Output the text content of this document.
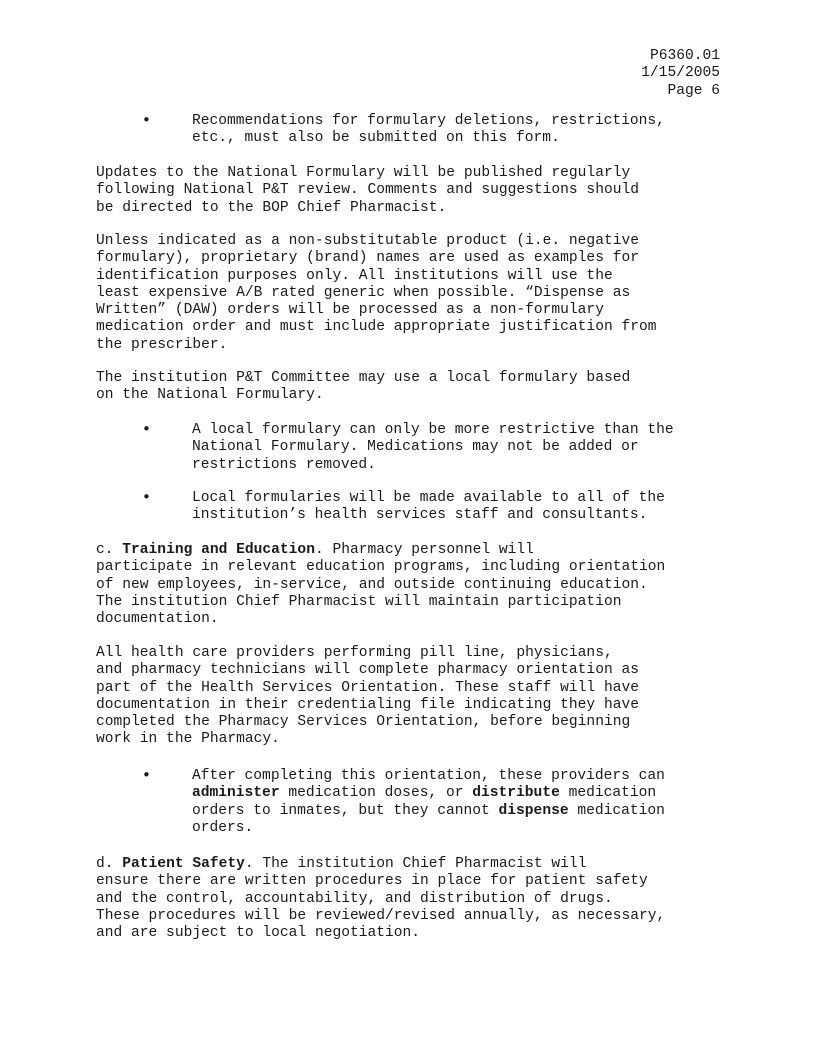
P6360.01
1/15/2005
Page 6
•	Recommendations for formulary deletions, restrictions,
etc., must also be submitted on this form.
Updates to the National Formulary will be published regularly
following National P&T review. Comments and suggestions should
be directed to the BOP Chief Pharmacist.
Unless indicated as a non-substitutable product (i.e. negative
formulary), proprietary (brand) names are used as examples for
identification purposes only. All institutions will use the
least expensive A/B rated generic when possible. “Dispense as
Written” (DAW) orders will be processed as a non-formulary
medication order and must include appropriate justification from
the prescriber.
The institution P&T Committee may use a local formulary based
on the National Formulary.
•	A local formulary can only be more restrictive than the
National Formulary. Medications may not be added or
restrictions removed.
•	Local formularies will be made available to all of the
institution’s health services staff and consultants.
c. Training and Education. Pharmacy personnel will
participate in relevant education programs, including orientation
of new employees, in-service, and outside continuing education.
The institution Chief Pharmacist will maintain participation
documentation.
All health care providers performing pill line, physicians,
and pharmacy technicians will complete pharmacy orientation as
part of the Health Services Orientation. These staff will have
documentation in their credentialing file indicating they have
completed the Pharmacy Services Orientation, before beginning
work in the Pharmacy.
•	After completing this orientation, these providers can
administer medication doses, or distribute medication
orders to inmates, but they cannot dispense medication
orders.
d. Patient Safety. The institution Chief Pharmacist will
ensure there are written procedures in place for patient safety
and the control, accountability, and distribution of drugs.
These procedures will be reviewed/revised annually, as necessary,
and are subject to local negotiation.
